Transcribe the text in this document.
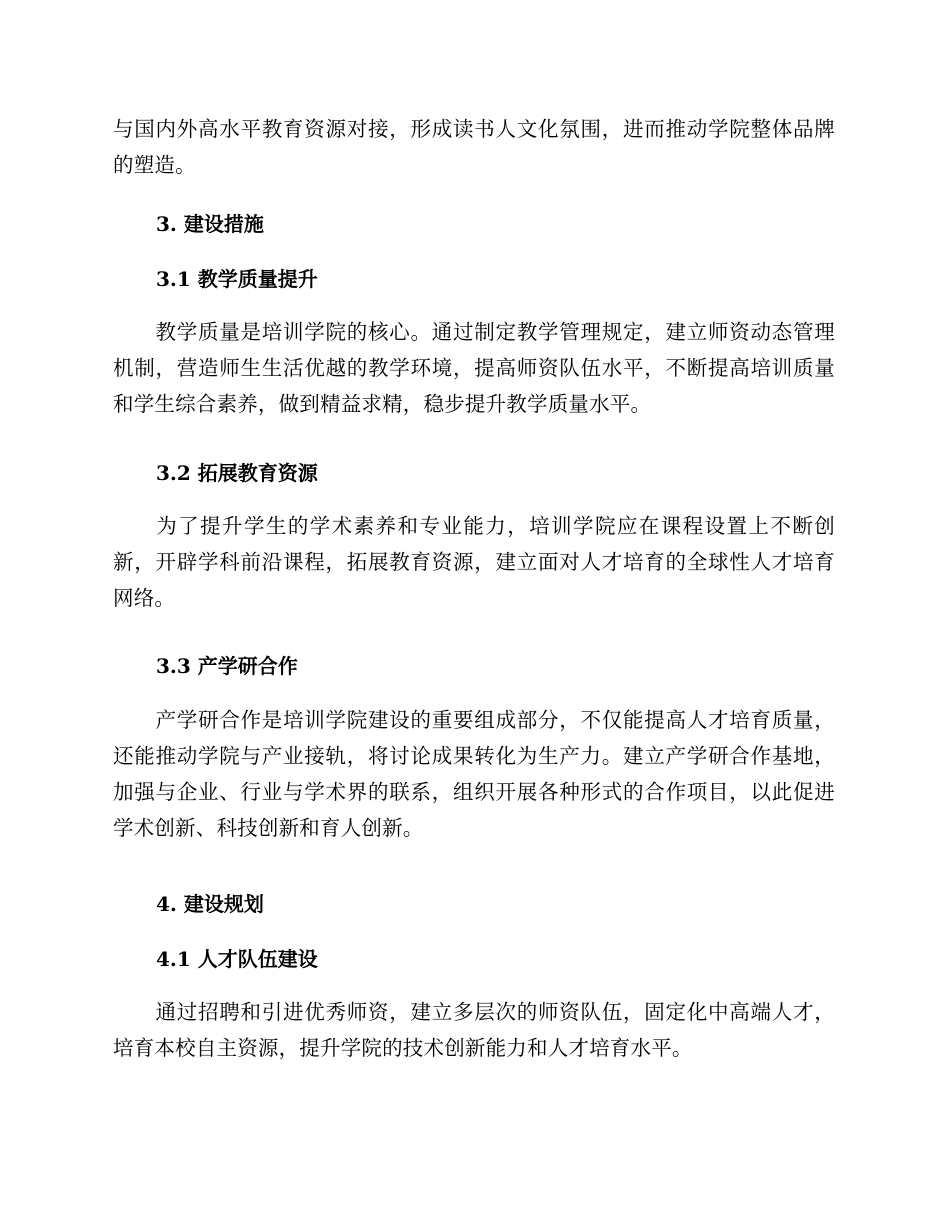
与国内外高水平教育资源对接，形成读书人文化氛围，进而推动学院整体品牌的塑造。

3. 建设措施
3.1 教学质量提升

教学质量是培训学院的核心。通过制定教学管理规定，建立师资动态管理机制，营造师生生活优越的教学环境，提高师资队伍水平，不断提高培训质量和学生综合素养，做到精益求精，稳步提升教学质量水平。

3.2 拓展教育资源

为了提升学生的学术素养和专业能力，培训学院应在课程设置上不断创新，开辟学科前沿课程，拓展教育资源，建立面对人才培育的全球性人才培育网络。

3.3 产学研合作

产学研合作是培训学院建设的重要组成部分，不仅能提高人才培育质量，还能推动学院与产业接轨，将讨论成果转化为生产力。建立产学研合作基地，加强与企业、行业与学术界的联系，组织开展各种形式的合作项目，以此促进学术创新、科技创新和育人创新。

4. 建设规划
4.1 人才队伍建设

通过招聘和引进优秀师资，建立多层次的师资队伍，固定化中高端人才，培育本校自主资源，提升学院的技术创新能力和人才培育水平。
